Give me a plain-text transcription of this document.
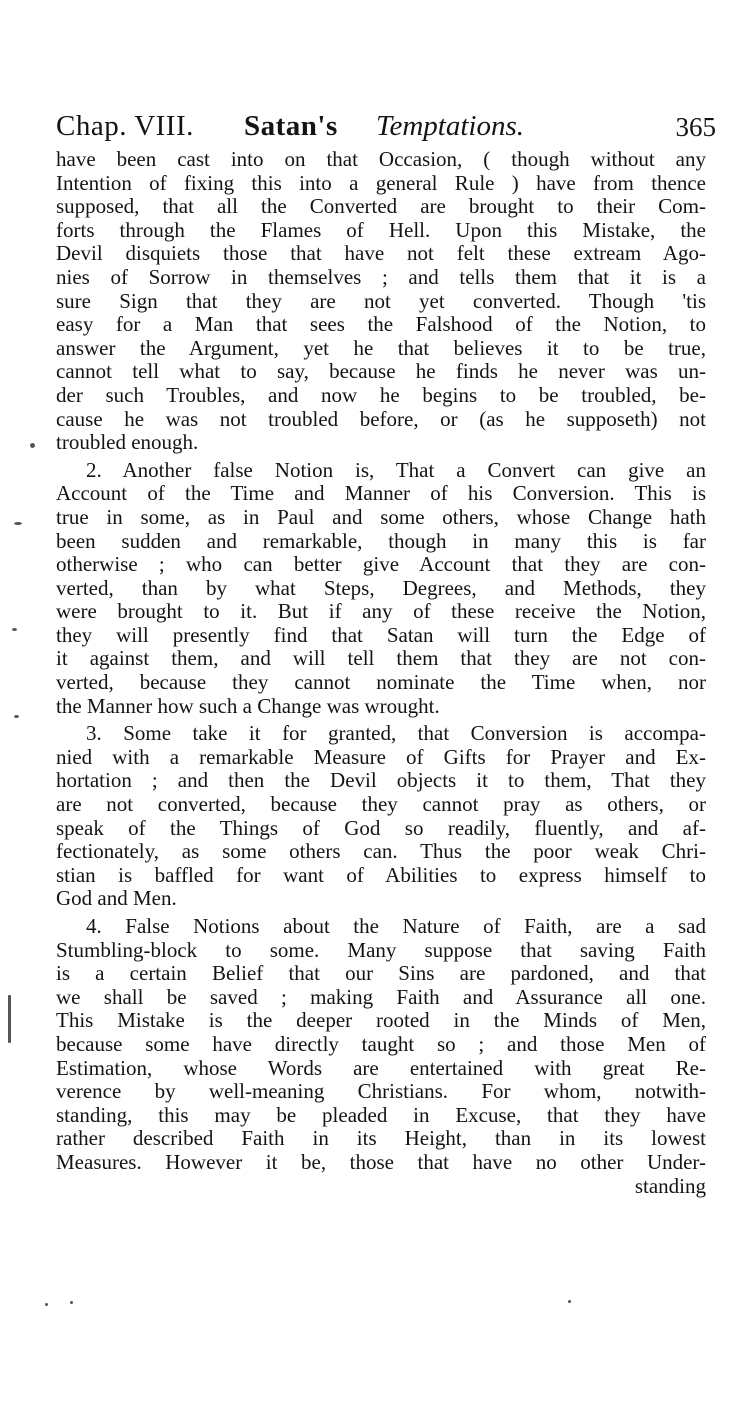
Chap. VIII. Satan's Temptations.	365
have been cast into on that Occasion, ( though without any
Intention of fixing this into a general Rule ) have from thence
supposed, that all the Converted are brought to their Com-
forts through the Flames of Hell. Upon this Mistake, the
Devil disquiets those that have not felt these extream Ago-
nies of Sorrow in themselves ; and tells them that it is a
sure Sign that they are not yet converted. Though 'tis
easy for a Man that sees the Falshood of the Notion, to
answer the Argument, yet he that believes it to be true,
cannot tell what to say, because he finds he never was un-
der such Troubles, and now he begins to be troubled, be-
cause he was not troubled before, or (as he supposeth) not
troubled enough.
2. Another false Notion is, That a Convert can give an
Account of the Time and Manner of his Conversion. This is
true in some, as in Paul and some others, whose Change hath
been sudden and remarkable, though in many this is far
otherwise ; who can better give Account that they are con-
verted, than by what Steps, Degrees, and Methods, they
were brought to it. But if any of these receive the Notion,
they will presently find that Satan will turn the Edge of
it against them, and will tell them that they are not con-
verted, because they cannot nominate the Time when, nor
the Manner how such a Change was wrought.
3. Some take it for granted, that Conversion is accompa-
nied with a remarkable Measure of Gifts for Prayer and Ex-
hortation ; and then the Devil objects it to them, That they
are not converted, because they cannot pray as others, or
speak of the Things of God so readily, fluently, and af-
fectionately, as some others can. Thus the poor weak Chri-
stian is baffled for want of Abilities to express himself to
God and Men.
4. False Notions about the Nature of Faith, are a sad
Stumbling-block to some. Many suppose that saving Faith
is a certain Belief that our Sins are pardoned, and that
we shall be saved ; making Faith and Assurance all one.
This Mistake is the deeper rooted in the Minds of Men,
because some have directly taught so ; and those Men of
Estimation, whose Words are entertained with great Re-
verence by well-meaning Christians. For whom, notwith-
standing, this may be pleaded in Excuse, that they have
rather described Faith in its Height, than in its lowest
Measures. However it be, those that have no other Under-
standing
